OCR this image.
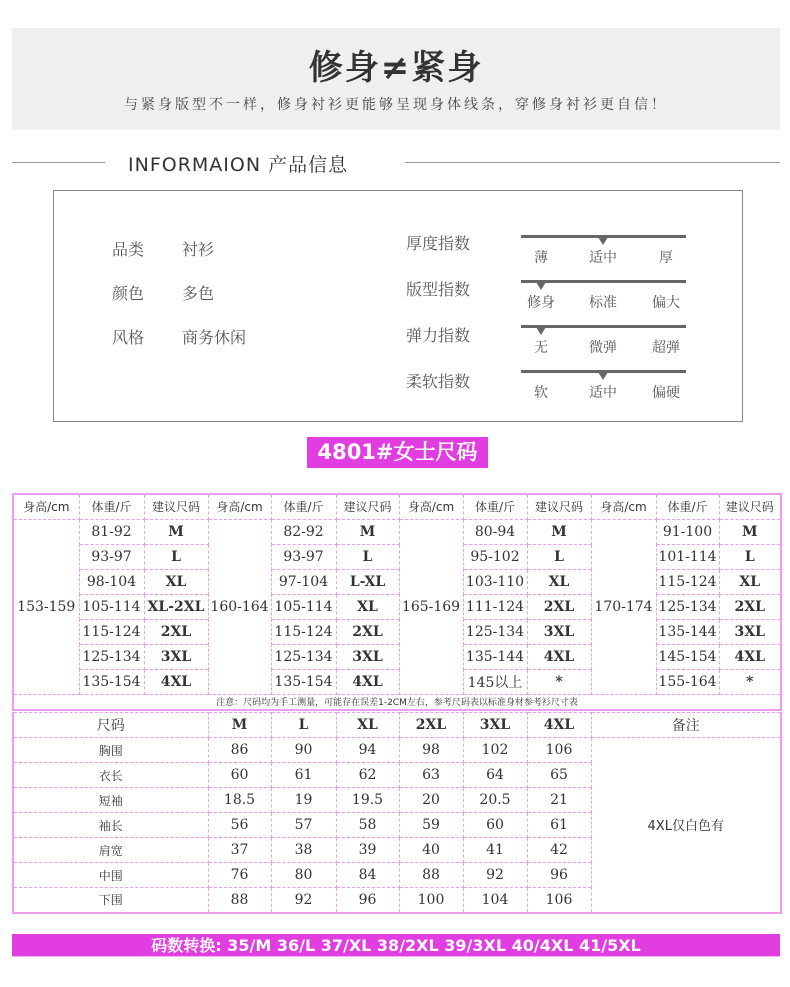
修身≠紧身
与紧身版型不一样，修身衬衫更能够呈现身体线条，穿修身衬衫更自信！
INFORMAION 产品信息
品类 衬衫
颜色 多色
风格 商务休闲
厚度指数
薄	适中	厚
版型指数
修身	标准	偏大
弹力指数
无	微弹	超弹
柔软指数
软	适中	偏硬
4801#女士尺码表
身高/cm	体重/斤	建议尺码	身高/cm	体重/斤	建议尺码	身高/cm	体重/斤	建议尺码	身高/cm	体重/斤	建议尺码
153-159	81-92	M	160-164	82-92	M	165-169	80-94	M	170-174	91-100	M
	93-97	L		93-97	L		95-102	L		101-114	L
	98-104	XL		97-104	L-XL		103-110	XL		115-124	XL
	105-114	XL-2XL		105-114	XL		111-124	2XL		125-134	2XL
	115-124	2XL		115-124	2XL		125-134	3XL		135-144	3XL
	125-134	3XL		125-134	3XL		135-144	4XL		145-154	4XL
	135-154	4XL		135-154	4XL		145以上	*		155-164	*
注意：尺码均为手工测量，可能存在误差1-2CM左右，参考尺码表以标准身材参考衫尺寸表											
尺码	M	L	XL	2XL	3XL	4XL	备注
胸围	86	90	94	98	102	106	4XL仅白色有
衣长	60	61	62	63	64	65	
短袖	18.5	19	19.5	20	20.5	21	
袖长	56	57	58	59	60	61	
肩宽	37	38	39	40	41	42	
中围	76	80	84	88	92	96	
下围	88	92	96	100	104	106	
码数转换: 35/M 36/L 37/XL 38/2XL 39/3XL 40/4XL 41/5XL
